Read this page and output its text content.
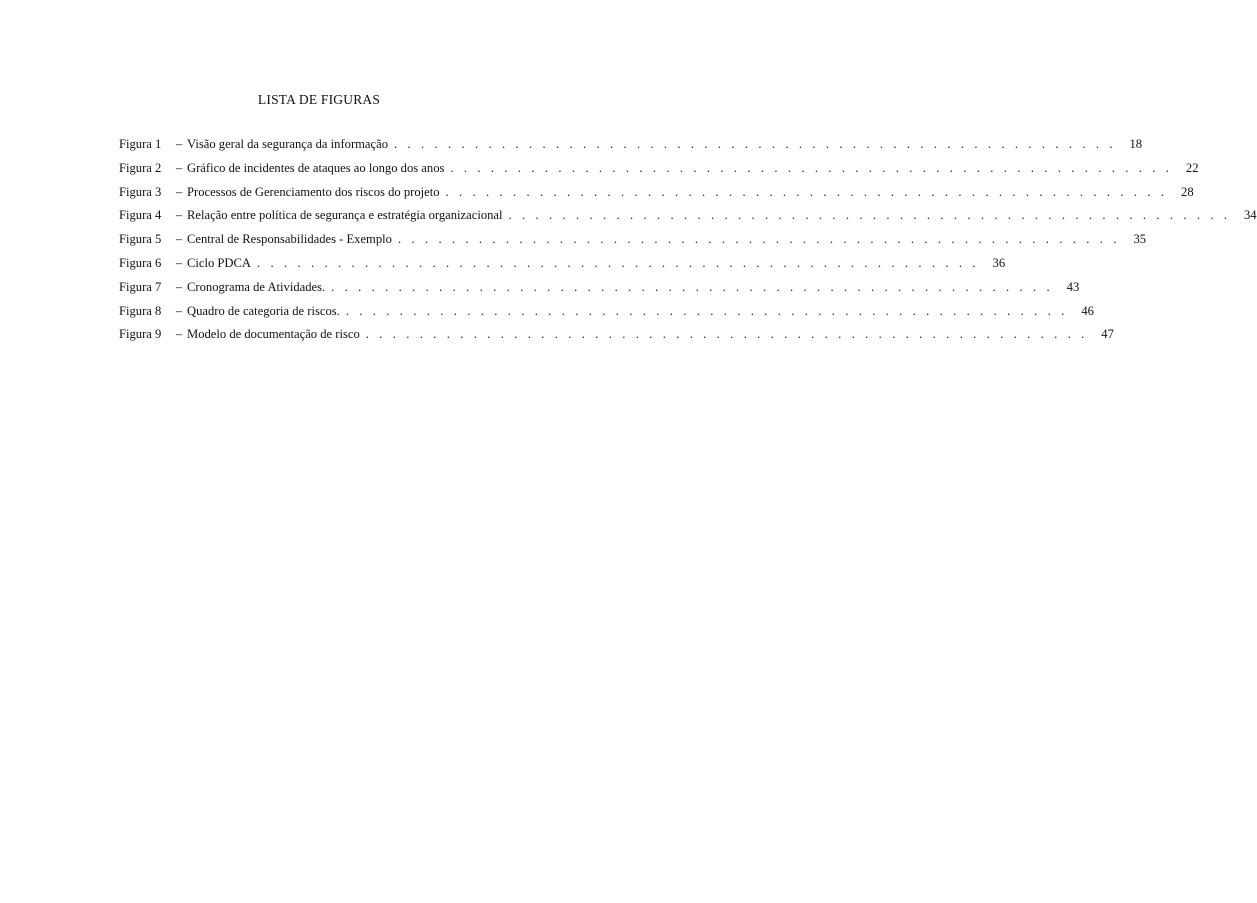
LISTA DE FIGURAS
Figura 1	– Visão geral da segurança da informação . . . . . . . . . . . . . . . . . . . . . . . . . . . . . . . . . . . . . . . . . . . . . . . . . . . . . .	18
Figura 2	– Gráfico de incidentes de ataques ao longo dos anos . . . . . . . . . . . . . . . . . . . . . . . . . . . . . . . . . . . . . . . . . . . . . . . . . . . . . .	22
Figura 3	– Processos de Gerenciamento dos riscos do projeto . . . . . . . . . . . . . . . . . . . . . . . . . . . . . . . . . . . . . . . . . . . . . . . . . . . . . .	28
Figura 4	– Relação entre política de segurança e estratégia organizacional . . . . . . . . . . . . . . . . . . . . . . . . . . . . . . . . . . . . . . . . . . . . . . . . . . . . . .	34
Figura 5	– Central de Responsabilidades - Exemplo . . . . . . . . . . . . . . . . . . . . . . . . . . . . . . . . . . . . . . . . . . . . . . . . . . . . . .	35
Figura 6	– Ciclo PDCA . . . . . . . . . . . . . . . . . . . . . . . . . . . . . . . . . . . . . . . . . . . . . . . . . . . . . .	36
Figura 7	– Cronograma de Atividades. . . . . . . . . . . . . . . . . . . . . . . . . . . . . . . . . . . . . . . . . . . . . . . . . . . . . . .	43
Figura 8	– Quadro de categoria de riscos. . . . . . . . . . . . . . . . . . . . . . . . . . . . . . . . . . . . . . . . . . . . . . . . . . . . . . .	46
Figura 9	– Modelo de documentação de risco . . . . . . . . . . . . . . . . . . . . . . . . . . . . . . . . . . . . . . . . . . . . . . . . . . . . . .	47
